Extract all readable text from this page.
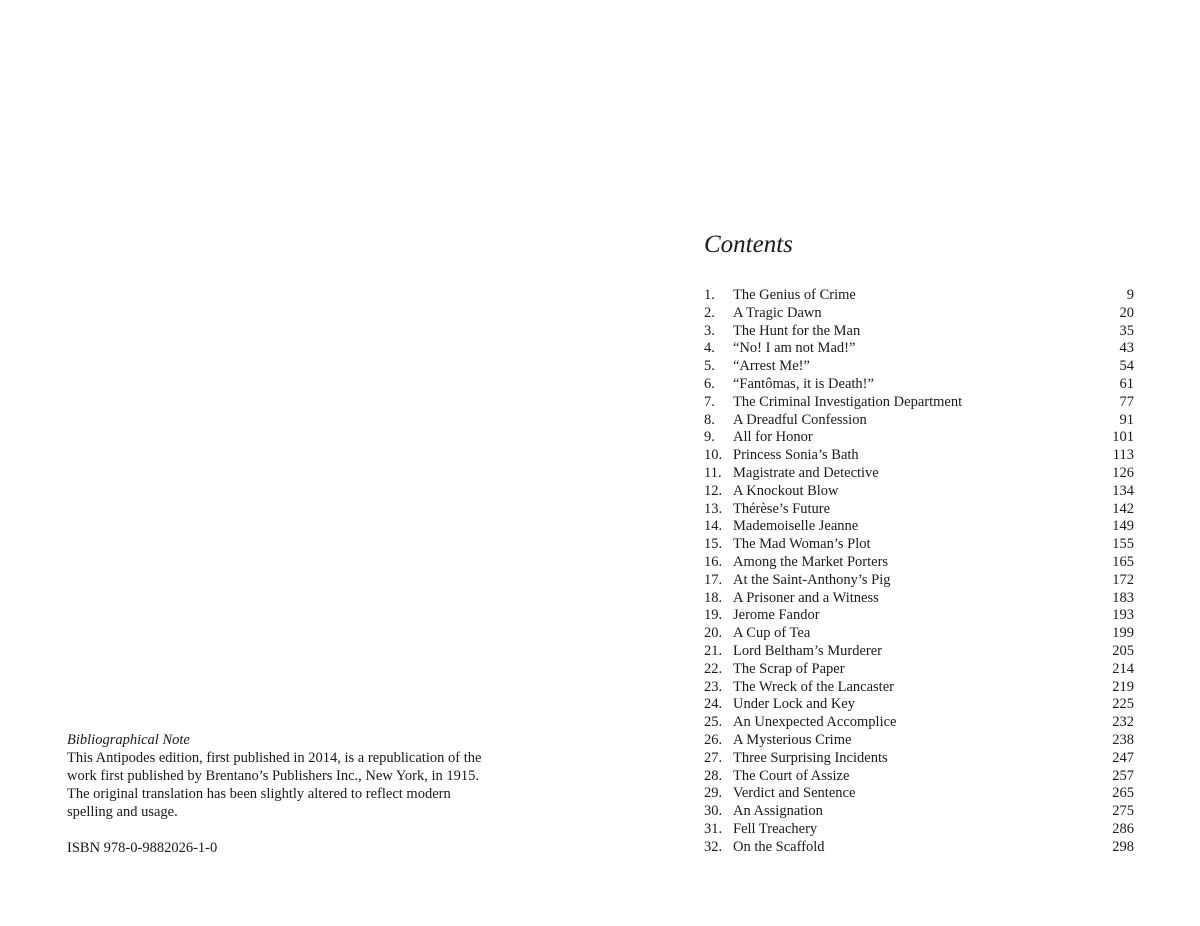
Bibliographical Note
This Antipodes edition, first published in 2014, is a republication of the
work first published by Brentano’s Publishers Inc., New York, in 1915.
The original translation has been slightly altered to reflect modern
spelling and usage.
ISBN 978-0-9882026-1-0
Contents
1.	The Genius of Crime	9
2.	A Tragic Dawn	20
3.	The Hunt for the Man	35
4.	“No! I am not Mad!”	43
5.	“Arrest Me!”	54
6.	“Fantômas, it is Death!”	61
7.	The Criminal Investigation Department	77
8.	A Dreadful Confession	91
9.	All for Honor	101
10. Princess Sonia’s Bath	113
11. Magistrate and Detective	126
12. A Knockout Blow	134
13. Thérèse’s Future	142
14. Mademoiselle Jeanne	149
15. The Mad Woman’s Plot	155
16. Among the Market Porters	165
17. At the Saint-Anthony’s Pig	172
18. A Prisoner and a Witness	183
19. Jerome Fandor	193
20. A Cup of Tea	199
21. Lord Beltham’s Murderer	205
22. The Scrap of Paper	214
23. The Wreck of the Lancaster	219
24. Under Lock and Key	225
25. An Unexpected Accomplice	232
26. A Mysterious Crime	238
27. Three Surprising Incidents	247
28. The Court of Assize	257
29. Verdict and Sentence	265
30. An Assignation	275
31. Fell Treachery	286
32. On the Scaffold	298
